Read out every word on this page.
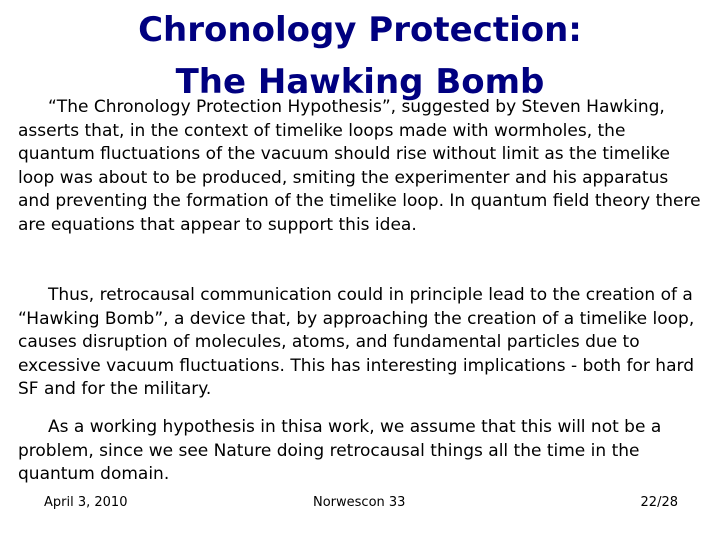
Chronology Protection:
The Hawking Bomb

“The Chronology Protection Hypothesis”, suggested by Steven Hawking, asserts that, in the context of timelike loops made with wormholes, the quantum fluctuations of the vacuum should rise without limit as the timelike loop was about to be produced, smiting the experimenter and his apparatus and preventing the formation of the timelike loop. In quantum field theory there are equations that appear to support this idea.

Thus, retrocausal communication could in principle lead to the creation of a “Hawking Bomb”, a device that, by approaching the creation of a timelike loop, causes disruption of molecules, atoms, and fundamental particles due to excessive vacuum fluctuations. This has interesting implications - both for hard SF and for the military.

As a working hypothesis in thisa work, we assume that this will not be a problem, since we see Nature doing retrocausal things all the time in the quantum domain.

April 3, 2010	Norwescon 33	22/28
